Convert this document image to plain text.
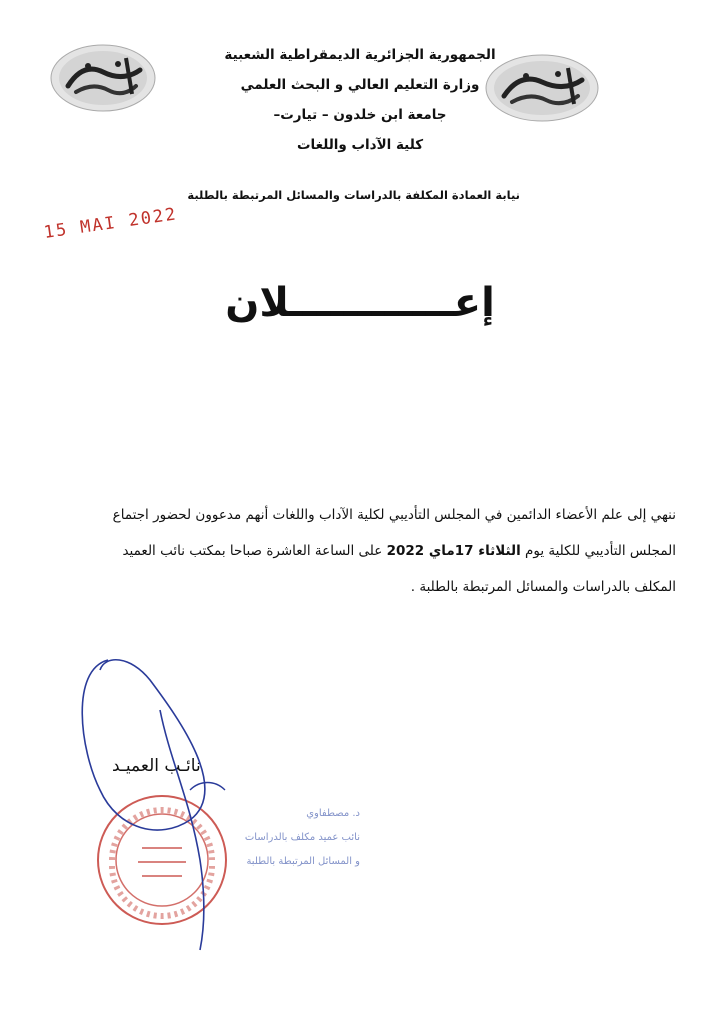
الجمهورية الجزائرية الديمقراطية الشعبية
وزارة التعليم العالي و البحث العلمي
جامعة ابن خلدون – تيارت–
كلية الآداب واللغات
نيابة العمادة المكلفة بالدراسات والمسائل المرتبطة بالطلبة
15 MAI 2022
إعــــــــــــلان
ننهي إلى علم الأعضاء الدائمين في المجلس التأديبي لكلية الآداب واللغات أنهم مدعوون لحضور اجتماع
المجلس التأديبي للكلية يوم الثلاثاء 17ماي 2022 على الساعة العاشرة صباحا بمكتب نائب العميد
المكلف بالدراسات والمسائل المرتبطة بالطلبة .
نائـب العميـد
د. مصطفاوي
نائب عميد مكلف بالدراسات
و المسائل المرتبطة بالطلبة
